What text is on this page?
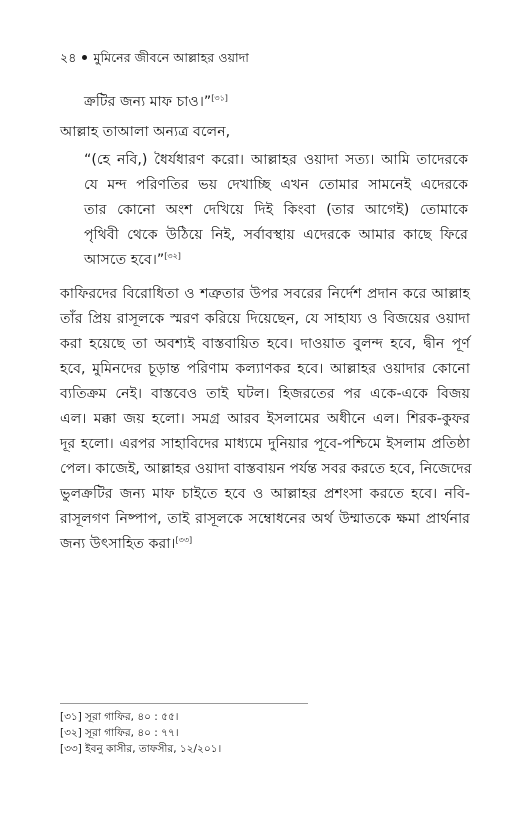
২৪ মুমিনের জীবনে আল্লাহর ওয়াদা
ক্রটির জন্য মাফ চাও।”[৩১]
আল্লাহ তাআলা অন্যত্র বলেন,
“(হে নবি,) ধৈর্যধারণ করো। আল্লাহর ওয়াদা সত্য। আমি তাদেরকে
যে মন্দ পরিণতির ভয় দেখাচ্ছি এখন তোমার সামনেই এদেরকে
তার কোনো অংশ দেখিয়ে দিই কিংবা (তার আগেই) তোমাকে
পৃথিবী থেকে উঠিয়ে নিই, সর্বাবস্থায় এদেরকে আমার কাছে ফিরে
আসতে হবে।”[৩২]
কাফিরদের বিরোধিতা ও শত্রুতার উপর সবরের নির্দেশ প্রদান করে আল্লাহ
তাঁর প্রিয় রাসূলকে স্মরণ করিয়ে দিয়েছেন, যে সাহায্য ও বিজয়ের ওয়াদা
করা হয়েছে তা অবশ্যই বাস্তবায়িত হবে। দাওয়াত বুলন্দ হবে, দ্বীন পূর্ণ
হবে, মুমিনদের চূড়ান্ত পরিণাম কল্যাণকর হবে। আল্লাহর ওয়াদার কোনো
ব্যতিক্রম নেই। বাস্তবেও তাই ঘটল। হিজরতের পর একে-একে বিজয়
এল। মক্কা জয় হলো। সমগ্র আরব ইসলামের অধীনে এল। শিরক-কুফর
দূর হলো। এরপর সাহাবিদের মাধ্যমে দুনিয়ার পূবে-পশ্চিমে ইসলাম প্রতিষ্ঠা
পেল। কাজেই, আল্লাহর ওয়াদা বাস্তবায়ন পর্যন্ত সবর করতে হবে, নিজেদের
ভুলক্রটির জন্য মাফ চাইতে হবে ও আল্লাহর প্রশংসা করতে হবে। নবি-
রাসূলগণ নিষ্পাপ, তাই রাসূলকে সম্বোধনের অর্থ উম্মাতকে ক্ষমা প্রার্থনার
জন্য উৎসাহিত করা।[৩৩]
[৩১] সূরা গাফির, ৪০ : ৫৫।
[৩২] সূরা গাফির, ৪০ : ৭৭।
[৩৩] ইবনু কাসীর, তাফসীর, ১২/২০১।
